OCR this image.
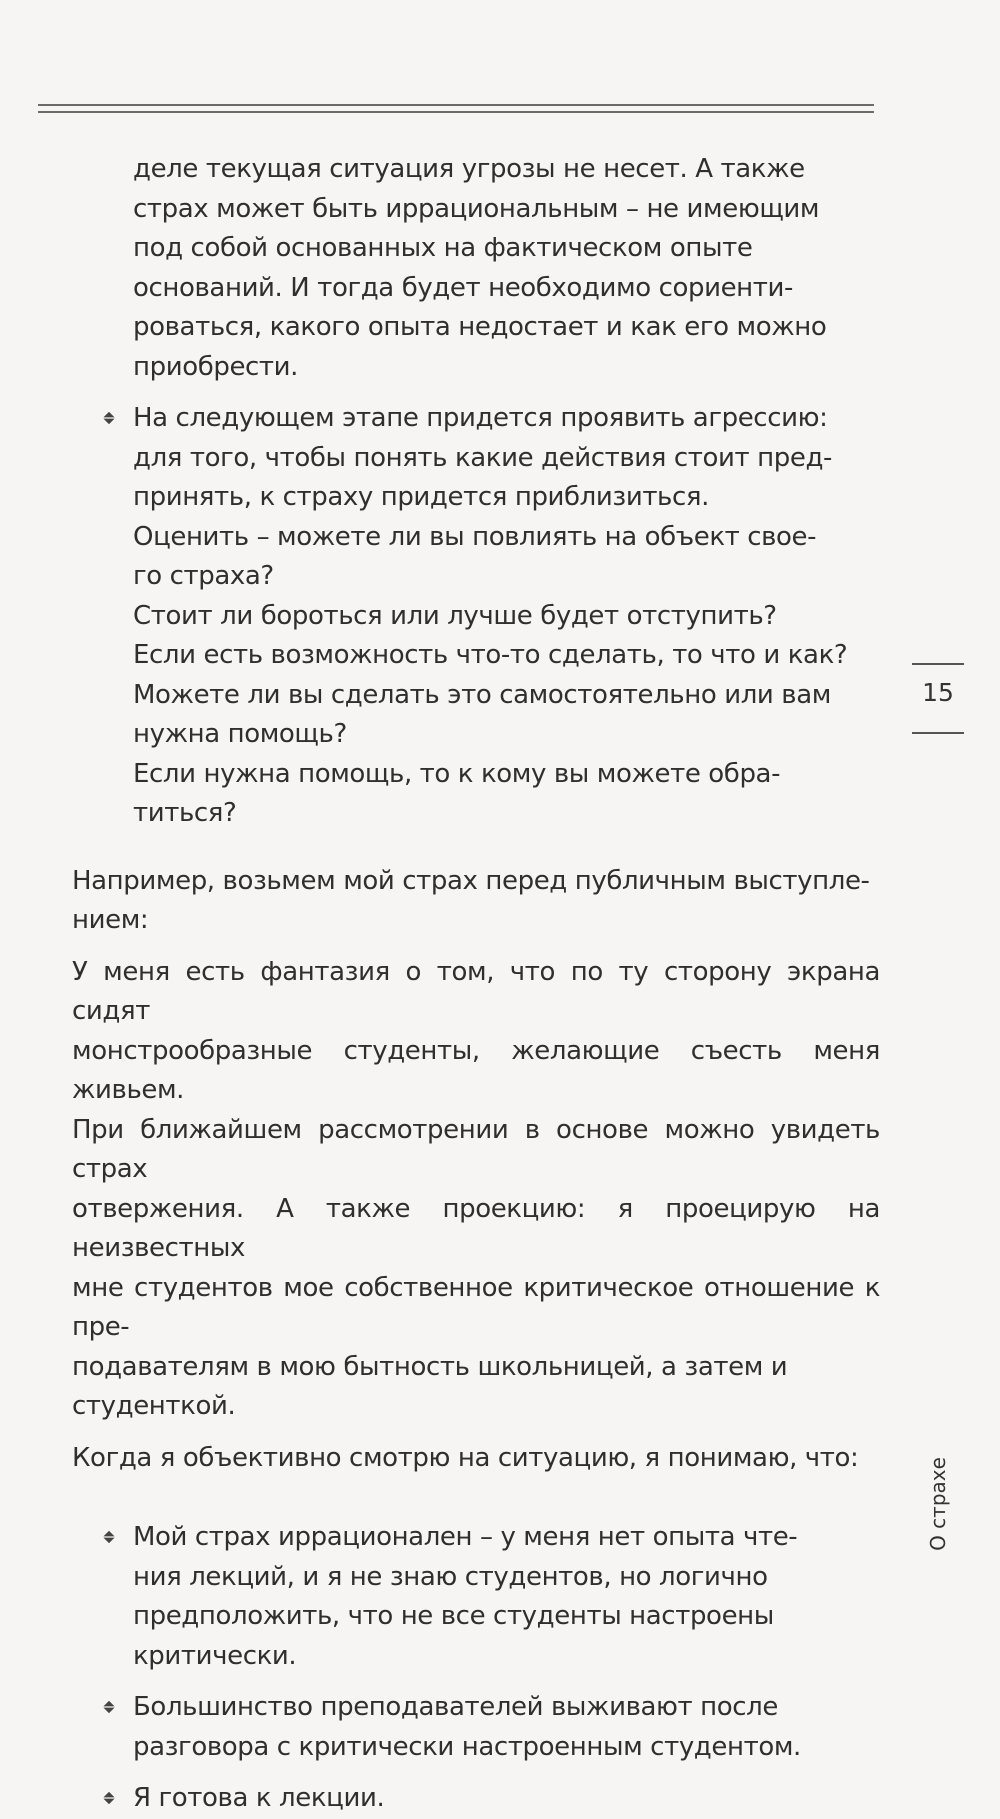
деле текущая ситуация угрозы не несет. А также
страх может быть иррациональным – не имеющим
под собой основанных на фактическом опыте
оснований. И тогда будет необходимо сориенти-
роваться, какого опыта недостает и как его можно
приобрести.
На следующем этапе придется проявить агрессию:
для того, чтобы понять какие действия стоит пред-
принять, к страху придется приблизиться.
Оценить – можете ли вы повлиять на объект свое-
го страха?
Стоит ли бороться или лучше будет отступить?
Если есть возможность что-то сделать, то что и как?
Можете ли вы сделать это самостоятельно или вам
нужна помощь?
Если нужна помощь, то к кому вы можете обра-
титься?
Например, возьмем мой страх перед публичным выступле-
нием:
У меня есть фантазия о том, что по ту сторону экрана сидят
монстрообразные студенты, желающие съесть меня живьем.
При ближайшем рассмотрении в основе можно увидеть страх
отвержения. А также проекцию: я проецирую на неизвестных
мне студентов мое собственное критическое отношение к пре-
подавателям в мою бытность школьницей, а затем и студенткой.
Когда я объективно смотрю на ситуацию, я понимаю, что:
Мой страх иррационален – у меня нет опыта чте-
ния лекций, и я не знаю студентов, но логично
предположить, что не все студенты настроены
критически.
Большинство преподавателей выживают после
разговора с критически настроенным студентом.
Я готова к лекции.
15
О страхе
